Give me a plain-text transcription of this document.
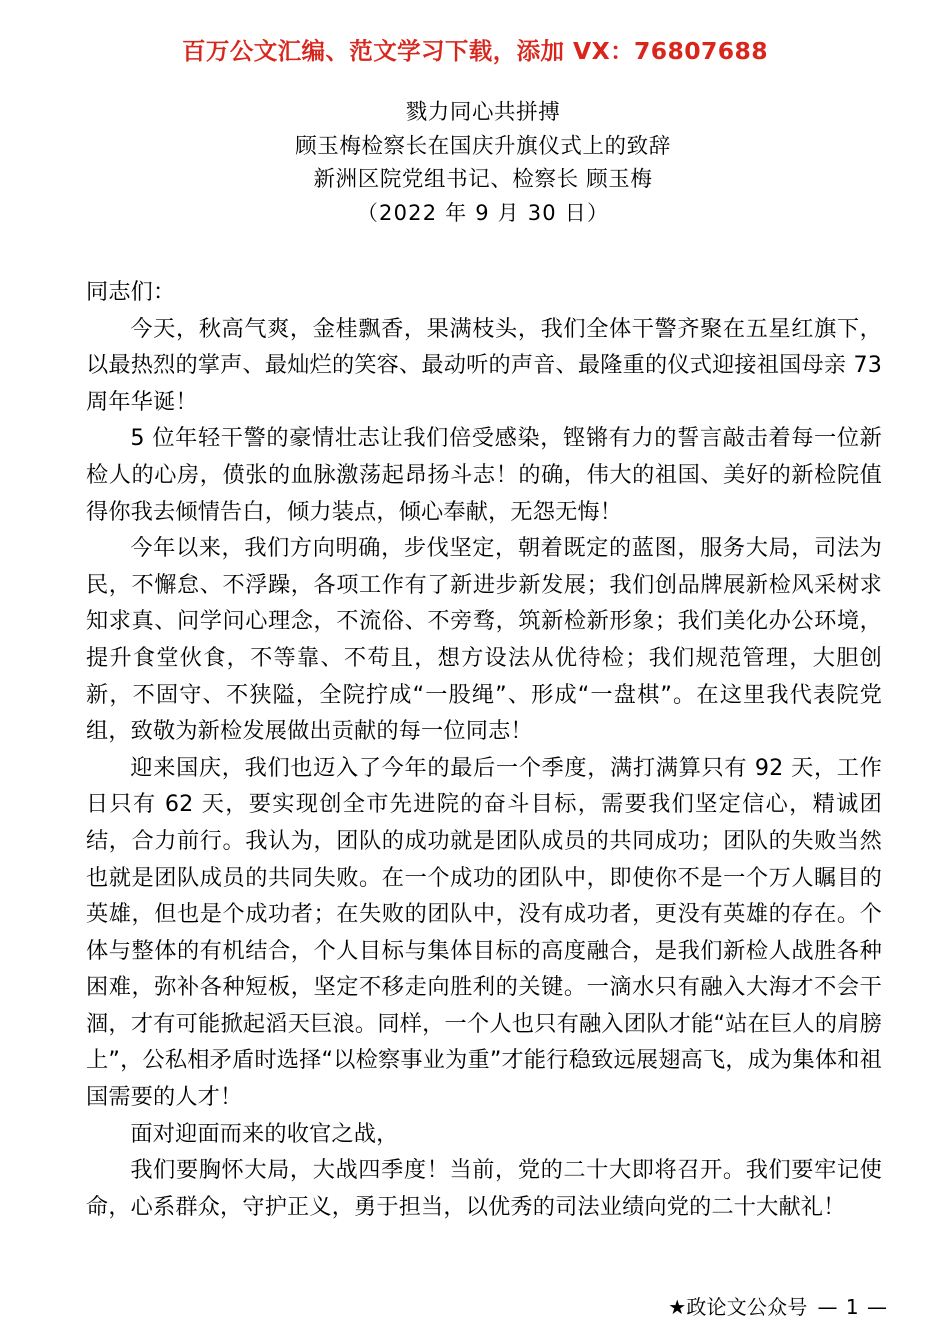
百万公文汇编、范文学习下载，添加 VX：76807688
戮力同心共拼搏
顾玉梅检察长在国庆升旗仪式上的致辞
新洲区院党组书记、检察长 顾玉梅
（2022 年 9 月 30 日）

同志们：

今天，秋高气爽，金桂飘香，果满枝头，我们全体干警齐聚在五星红旗下，以最热烈的掌声、最灿烂的笑容、最动听的声音、最隆重的仪式迎接祖国母亲 73 周年华诞！

5 位年轻干警的豪情壮志让我们倍受感染，铿锵有力的誓言敲击着每一位新检人的心房，偾张的血脉激荡起昂扬斗志！的确，伟大的祖国、美好的新检院值得你我去倾情告白，倾力装点，倾心奉献，无怨无悔！

今年以来，我们方向明确，步伐坚定，朝着既定的蓝图，服务大局，司法为民，不懈怠、不浮躁，各项工作有了新进步新发展；我们创品牌展新检风采树求知求真、问学问心理念，不流俗、不旁骛，筑新检新形象；我们美化办公环境，提升食堂伙食，不等靠、不苟且，想方设法从优待检；我们规范管理，大胆创新，不固守、不狭隘，全院拧成“一股绳”、形成“一盘棋”。在这里我代表院党组，致敬为新检发展做出贡献的每一位同志！

迎来国庆，我们也迈入了今年的最后一个季度，满打满算只有 92 天，工作日只有 62 天，要实现创全市先进院的奋斗目标，需要我们坚定信心，精诚团结，合力前行。我认为，团队的成功就是团队成员的共同成功；团队的失败当然也就是团队成员的共同失败。在一个成功的团队中，即使你不是一个万人瞩目的英雄，但也是个成功者；在失败的团队中，没有成功者，更没有英雄的存在。个体与整体的有机结合，个人目标与集体目标的高度融合，是我们新检人战胜各种困难，弥补各种短板，坚定不移走向胜利的关键。一滴水只有融入大海才不会干涸，才有可能掀起滔天巨浪。同样，一个人也只有融入团队才能“站在巨人的肩膀上”，公私相矛盾时选择“以检察事业为重”才能行稳致远展翅高飞，成为集体和祖国需要的人才！

面对迎面而来的收官之战，

我们要胸怀大局，大战四季度！当前，党的二十大即将召开。我们要牢记使命，心系群众，守护正义，勇于担当，以优秀的司法业绩向党的二十大献礼！

★政论文公众号 — 1 —
